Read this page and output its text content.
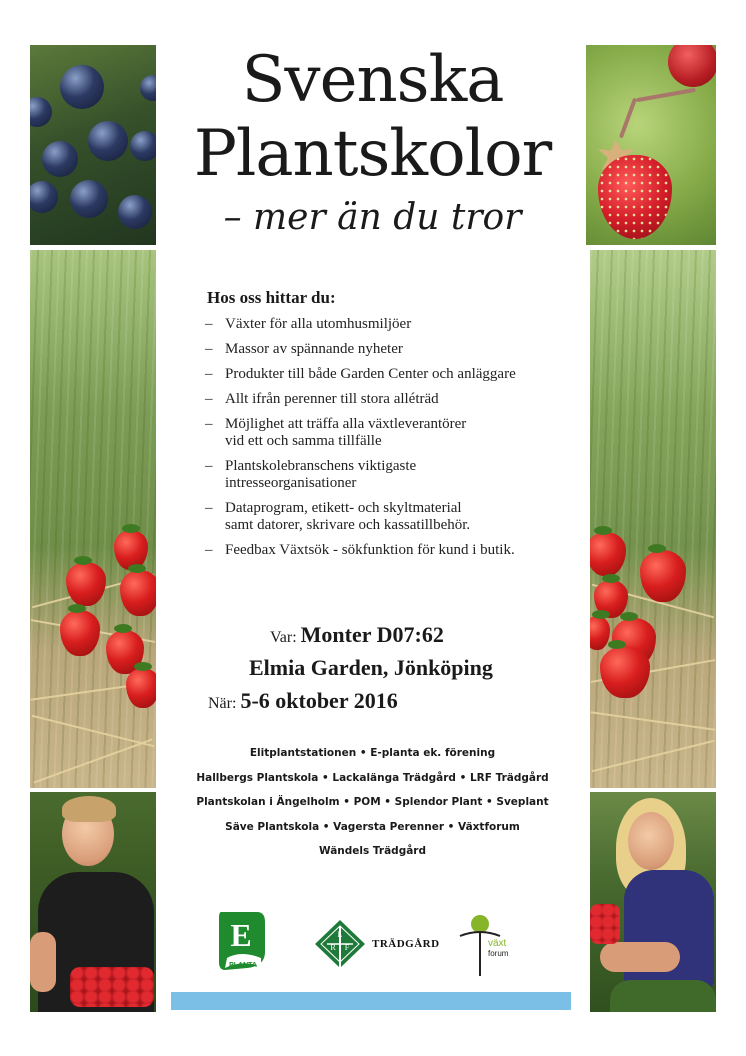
Svenska
Plantskolor
– mer än du tror
Hos oss hittar du:
– Växter för alla utomhusmiljöer
– Massor av spännande nyheter
– Produkter till både Garden Center och anläggare
– Allt ifrån perenner till stora alléträd
– Möjlighet att träffa alla växtleverantörer
vid ett och samma tillfälle
– Plantskolebranschens viktigaste
intresseorganisationer
– Dataprogram, etikett- och skyltmaterial
samt datorer, skrivare och kassatillbehör.
– Feedbax Växtsök - sökfunktion för kund i butik.
Var: Monter D07:62
Elmia Garden, Jönköping
När: 5-6 oktober 2016
Elitplantstationen • E-planta ek. förening
Hallbergs Plantskola • Lackalänga Trädgård • LRF Trädgård
Plantskolan i Ängelholm • POM • Splendor Plant • Sveplant
Säve Plantskola • Vagersta Perenner • Växtforum
Wändels Trädgård
E
PLANTA
L
R F TRÄDGÅRD	växt
forum
